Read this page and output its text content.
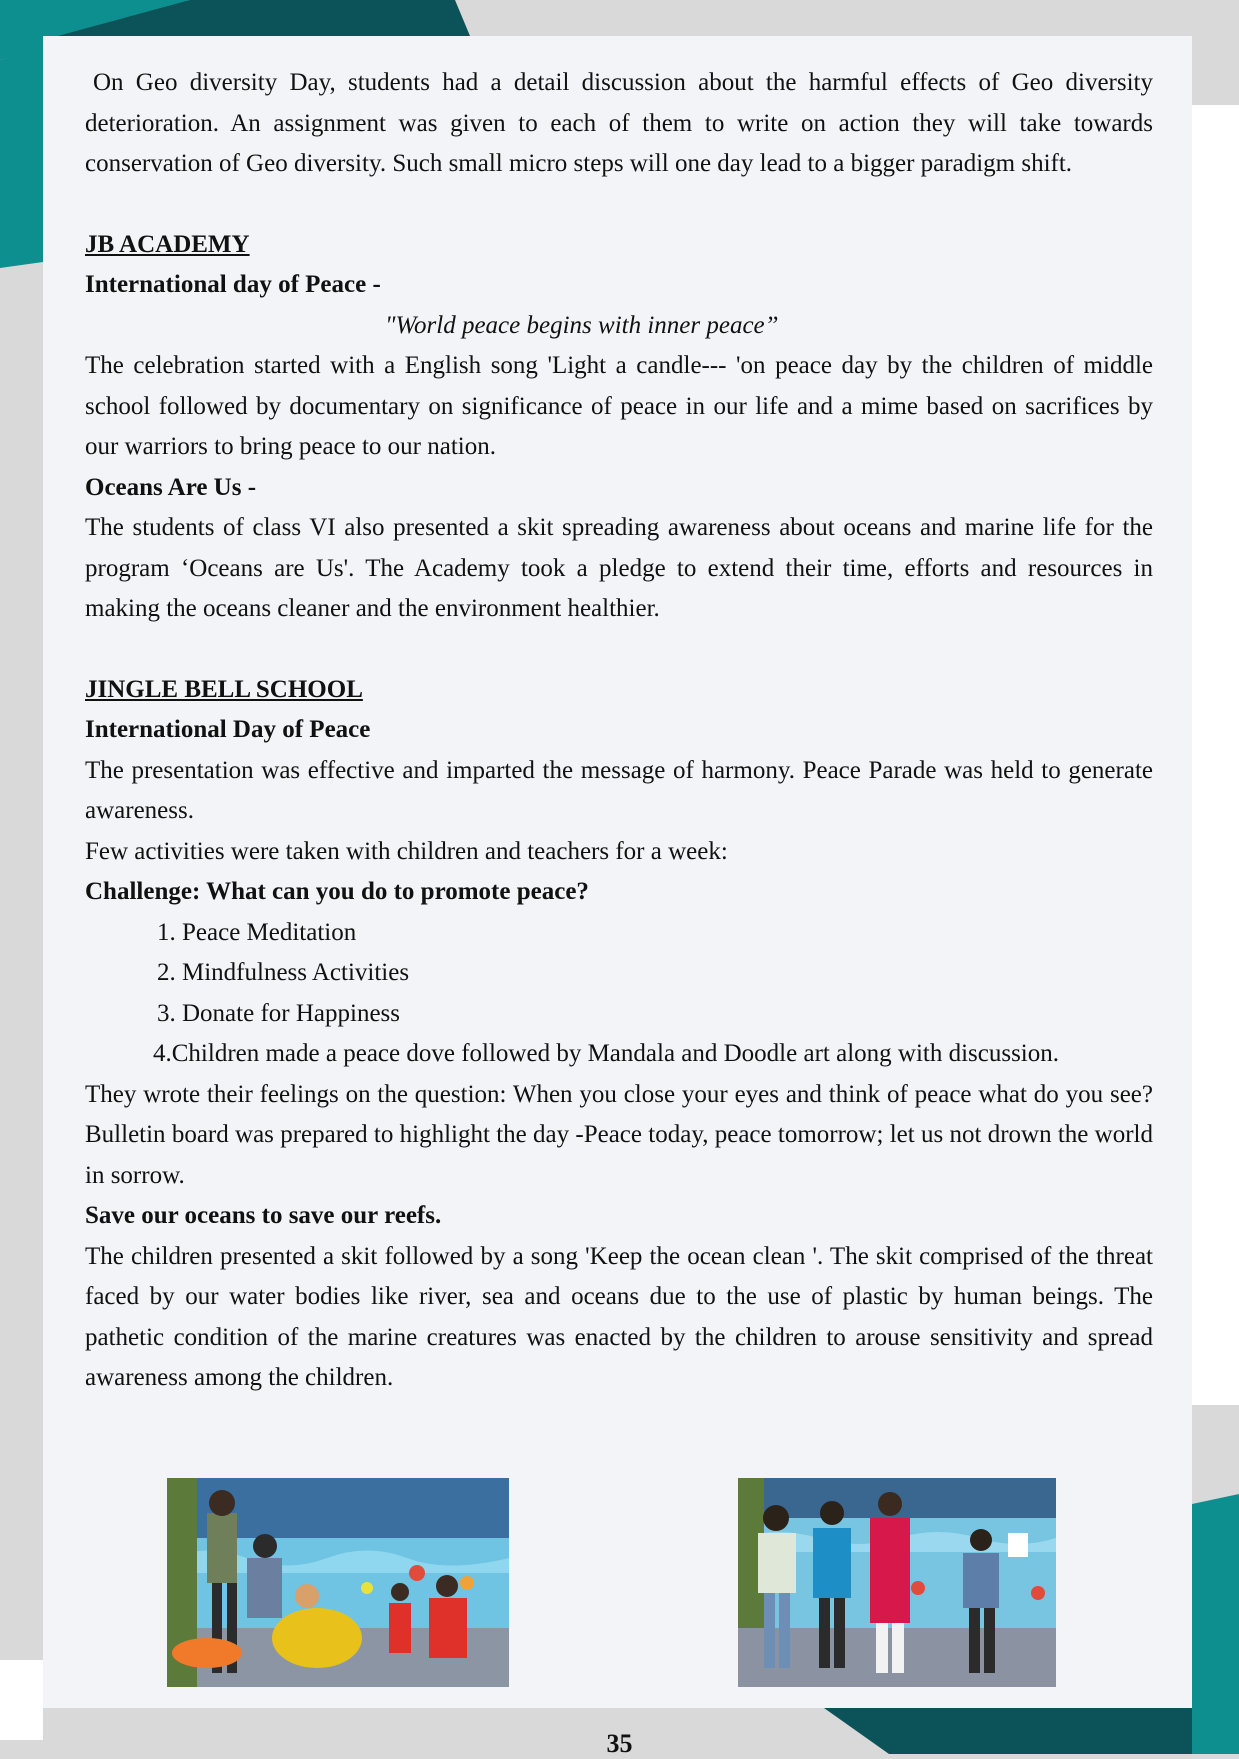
On Geo diversity Day, students had a detail discussion about the harmful effects of Geo diversity deterioration. An assignment was given to each of them to write on action they will take towards conservation of Geo diversity. Such small micro steps will one day lead to a bigger paradigm shift.

JB ACADEMY

International day of Peace -

"World peace begins with inner peace”

The celebration started with a English song 'Light a candle--- 'on peace day by the children of middle school followed by documentary on significance of peace in our life and a mime based on sacrifices by our warriors to bring peace to our nation.

Oceans Are Us -

The students of class VI also presented a skit spreading awareness about oceans and marine life for the program ‘Oceans are Us'. The Academy took a pledge to extend their time, efforts and resources in making the oceans cleaner and the environment healthier.

JINGLE BELL SCHOOL

International Day of Peace

The presentation was effective and imparted the message of harmony. Peace Parade was held to generate awareness.

Few activities were taken with children and teachers for a week:

Challenge: What can you do to promote peace?

1. Peace Meditation
2. Mindfulness Activities
3. Donate for Happiness
4. Children made a peace dove followed by Mandala and Doodle art along with discussion.

They wrote their feelings on the question: When you close your eyes and think of peace what do you see? Bulletin board was prepared to highlight the day -Peace today, peace tomorrow; let us not drown the world in sorrow.

Save our oceans to save our reefs.

The children presented a skit followed by a song 'Keep the ocean clean '. The skit comprised of the threat faced by our water bodies like river, sea and oceans due to the use of plastic by human beings. The pathetic condition of the marine creatures was enacted by the children to arouse sensitivity and spread awareness among the children.

35
